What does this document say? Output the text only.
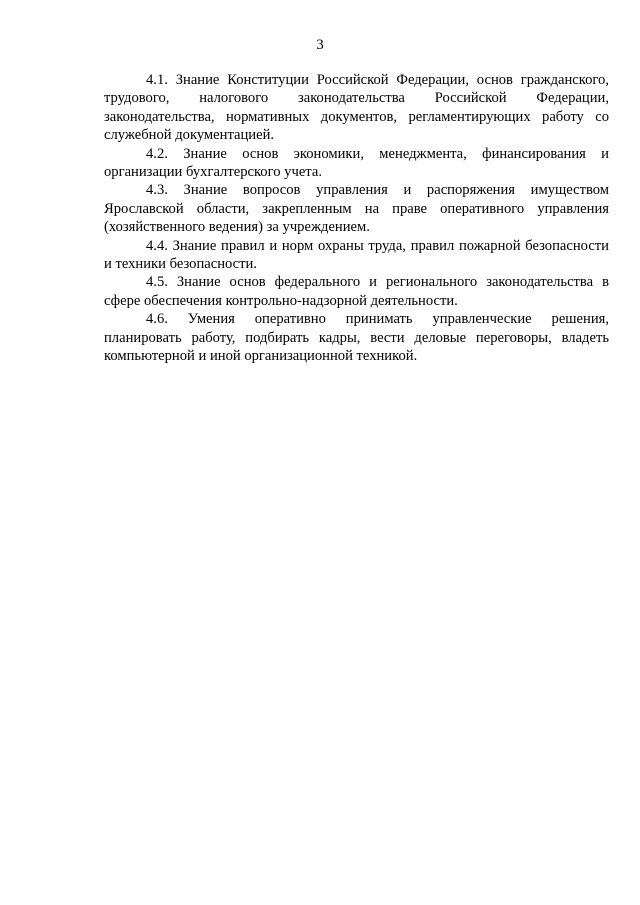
3

4.1. Знание Конституции Российской Федерации, основ гражданского, трудового, налогового законодательства Российской Федерации, законодательства, нормативных документов, регламентирующих работу со служебной документацией.

4.2. Знание основ экономики, менеджмента, финансирования и организации бухгалтерского учета.

4.3. Знание вопросов управления и распоряжения имуществом Ярославской области, закрепленным на праве оперативного управления (хозяйственного ведения) за учреждением.

4.4. Знание правил и норм охраны труда, правил пожарной безопасности и техники безопасности.

4.5. Знание основ федерального и регионального законодательства в сфере обеспечения контрольно-надзорной деятельности.

4.6. Умения оперативно принимать управленческие решения, планировать работу, подбирать кадры, вести деловые переговоры, владеть компьютерной и иной организационной техникой.
